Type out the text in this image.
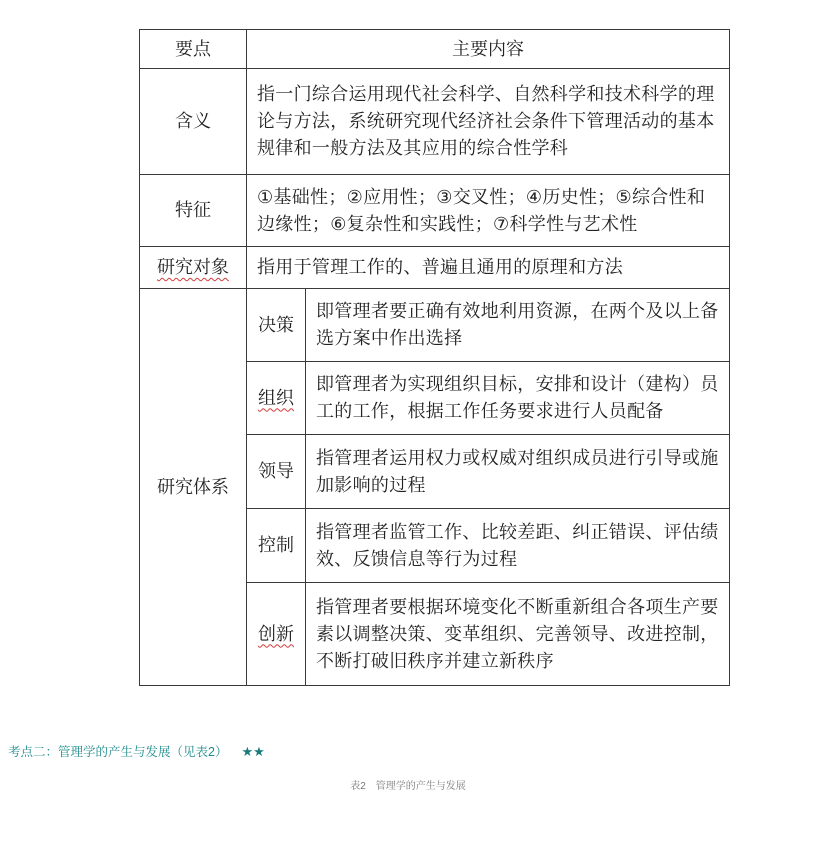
要点	主要内容	
含义	指一门综合运用现代社会科学、自然科学和技术科学的理论与方法，系统研究现代经济社会条件下管理活动的基本规律和一般方法及其应用的综合性学科	
特征	①基础性；②应用性；③交叉性；④历史性；⑤综合性和边缘性；⑥复杂性和实践性；⑦科学性与艺术性	
研究对象	指用于管理工作的、普遍且通用的原理和方法	
研究体系	决策	即管理者要正确有效地利用资源，在两个及以上备选方案中作出选择
	组织	即管理者为实现组织目标，安排和设计（建构）员工的工作，根据工作任务要求进行人员配备
	领导	指管理者运用权力或权威对组织成员进行引导或施加影响的过程
	控制	指管理者监管工作、比较差距、纠正错误、评估绩效、反馈信息等行为过程
	创新	指管理者要根据环境变化不断重新组合各项生产要素以调整决策、变革组织、完善领导、改进控制，不断打破旧秩序并建立新秩序
考点二：管理学的产生与发展（见表2） ★★
表2　管理学的产生与发展
